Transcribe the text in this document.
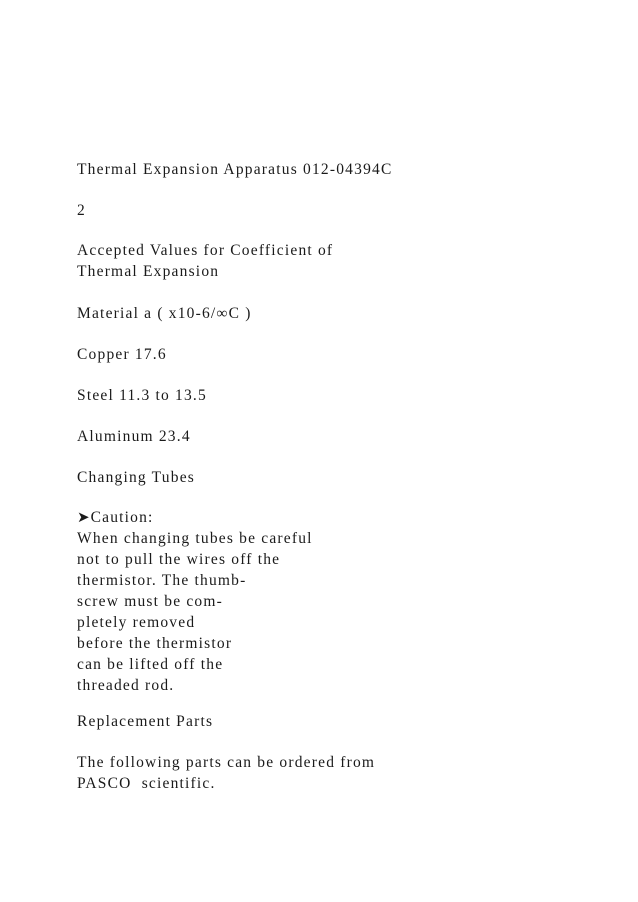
Thermal Expansion Apparatus 012-04394C
2
Accepted Values for Coefficient of
Thermal Expansion
Material a ( x10-6/∞C )
Copper 17.6
Steel 11.3 to 13.5
Aluminum 23.4
Changing Tubes
➤Caution:
When changing tubes be careful
not to pull the wires off the
thermistor. The thumb-
screw must be com-
pletely removed
before the thermistor
can be lifted off the
threaded rod.
Replacement Parts
The following parts can be ordered from
PASCO  scientific.
